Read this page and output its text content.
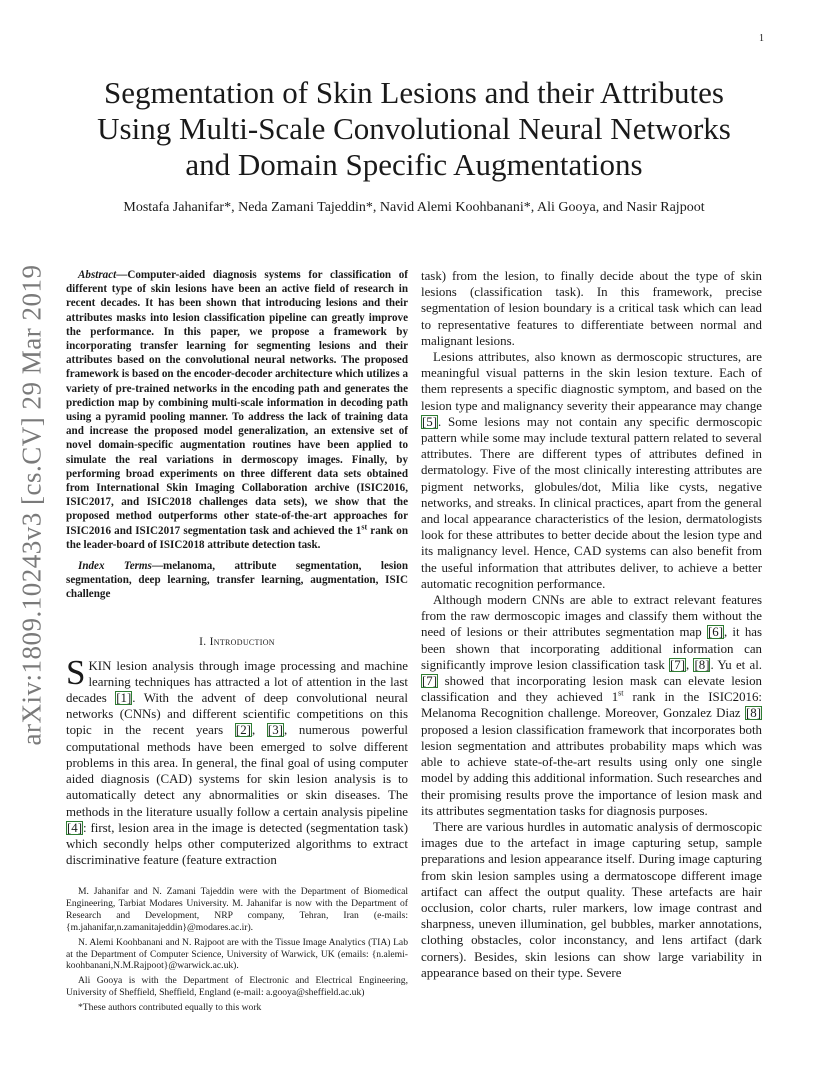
1
arXiv:1809.10243v3 [cs.CV] 29 Mar 2019
Segmentation of Skin Lesions and their Attributes
Using Multi-Scale Convolutional Neural Networks
and Domain Specific Augmentations
Mostafa Jahanifar*, Neda Zamani Tajeddin*, Navid Alemi Koohbanani*, Ali Gooya, and Nasir Rajpoot

Abstract—Computer-aided diagnosis systems for classification of different type of skin lesions have been an active field of research in recent decades. It has been shown that introducing lesions and their attributes masks into lesion classification pipeline can greatly improve the performance. In this paper, we propose a framework by incorporating transfer learning for segmenting lesions and their attributes based on the convolutional neural networks. The proposed framework is based on the encoder-decoder architecture which utilizes a variety of pre-trained networks in the encoding path and generates the prediction map by combining multi-scale information in decoding path using a pyramid pooling manner. To address the lack of training data and increase the proposed model generalization, an extensive set of novel domain-specific augmentation routines have been applied to simulate the real variations in dermoscopy images. Finally, by performing broad experiments on three different data sets obtained from International Skin Imaging Collaboration archive (ISIC2016, ISIC2017, and ISIC2018 challenges data sets), we show that the proposed method outperforms other state-of-the-art approaches for ISIC2016 and ISIC2017 segmentation task and achieved the 1st rank on the leader-board of ISIC2018 attribute detection task.

Index Terms—melanoma, attribute segmentation, lesion segmentation, deep learning, transfer learning, augmentation, ISIC challenge

I. Introduction

SKIN lesion analysis through image processing and machine learning techniques has attracted a lot of attention in the last decades [1]. With the advent of deep convolutional neural networks (CNNs) and different scientific competitions on this topic in the recent years [2], [3], numerous powerful computational methods have been emerged to solve different problems in this area. In general, the final goal of using computer aided diagnosis (CAD) systems for skin lesion analysis is to automatically detect any abnormalities or skin diseases. The methods in the literature usually follow a certain analysis pipeline [4]: first, lesion area in the image is detected (segmentation task) which secondly helps other computerized algorithms to extract discriminative feature (feature extraction

M. Jahanifar and N. Zamani Tajeddin were with the Department of Biomedical Engineering, Tarbiat Modares University. M. Jahanifar is now with the Department of Research and Development, NRP company, Tehran, Iran (e-mails: {m.jahanifar,n.zamanitajeddin}@modares.ac.ir).

N. Alemi Koohbanani and N. Rajpoot are with the Tissue Image Analytics (TIA) Lab at the Department of Computer Science, University of Warwick, UK (emails: {n.alemi-koohbanani,N.M.Rajpoot}@warwick.ac.uk).

Ali Gooya is with the Department of Electronic and Electrical Engineering, University of Sheffield, Sheffield, England (e-mail: a.gooya@sheffield.ac.uk)

*These authors contributed equally to this work

task) from the lesion, to finally decide about the type of skin lesions (classification task). In this framework, precise segmentation of lesion boundary is a critical task which can lead to representative features to differentiate between normal and malignant lesions.

Lesions attributes, also known as dermoscopic structures, are meaningful visual patterns in the skin lesion texture. Each of them represents a specific diagnostic symptom, and based on the lesion type and malignancy severity their appearance may change [5]. Some lesions may not contain any specific dermoscopic pattern while some may include textural pattern related to several attributes. There are different types of attributes defined in dermatology. Five of the most clinically interesting attributes are pigment networks, globules/dot, Milia like cysts, negative networks, and streaks. In clinical practices, apart from the general and local appearance characteristics of the lesion, dermatologists look for these attributes to better decide about the lesion type and its malignancy level. Hence, CAD systems can also benefit from the useful information that attributes deliver, to achieve a better automatic recognition performance.

Although modern CNNs are able to extract relevant features from the raw dermoscopic images and classify them without the need of lesions or their attributes segmentation map [6], it has been shown that incorporating additional information can significantly improve lesion classification task [7], [8]. Yu et al. [7] showed that incorporating lesion mask can elevate lesion classification and they achieved 1st rank in the ISIC2016: Melanoma Recognition challenge. Moreover, Gonzalez Diaz [8] proposed a lesion classification framework that incorporates both lesion segmentation and attributes probability maps which was able to achieve state-of-the-art results using only one single model by adding this additional information. Such researches and their promising results prove the importance of lesion mask and its attributes segmentation tasks for diagnosis purposes.

There are various hurdles in automatic analysis of dermoscopic images due to the artefact in image capturing setup, sample preparations and lesion appearance itself. During image capturing from skin lesion samples using a dermatoscope different image artifact can affect the output quality. These artefacts are hair occlusion, color charts, ruler markers, low image contrast and sharpness, uneven illumination, gel bubbles, marker annotations, clothing obstacles, color inconstancy, and lens artifact (dark corners). Besides, skin lesions can show large variability in appearance based on their type. Severe
